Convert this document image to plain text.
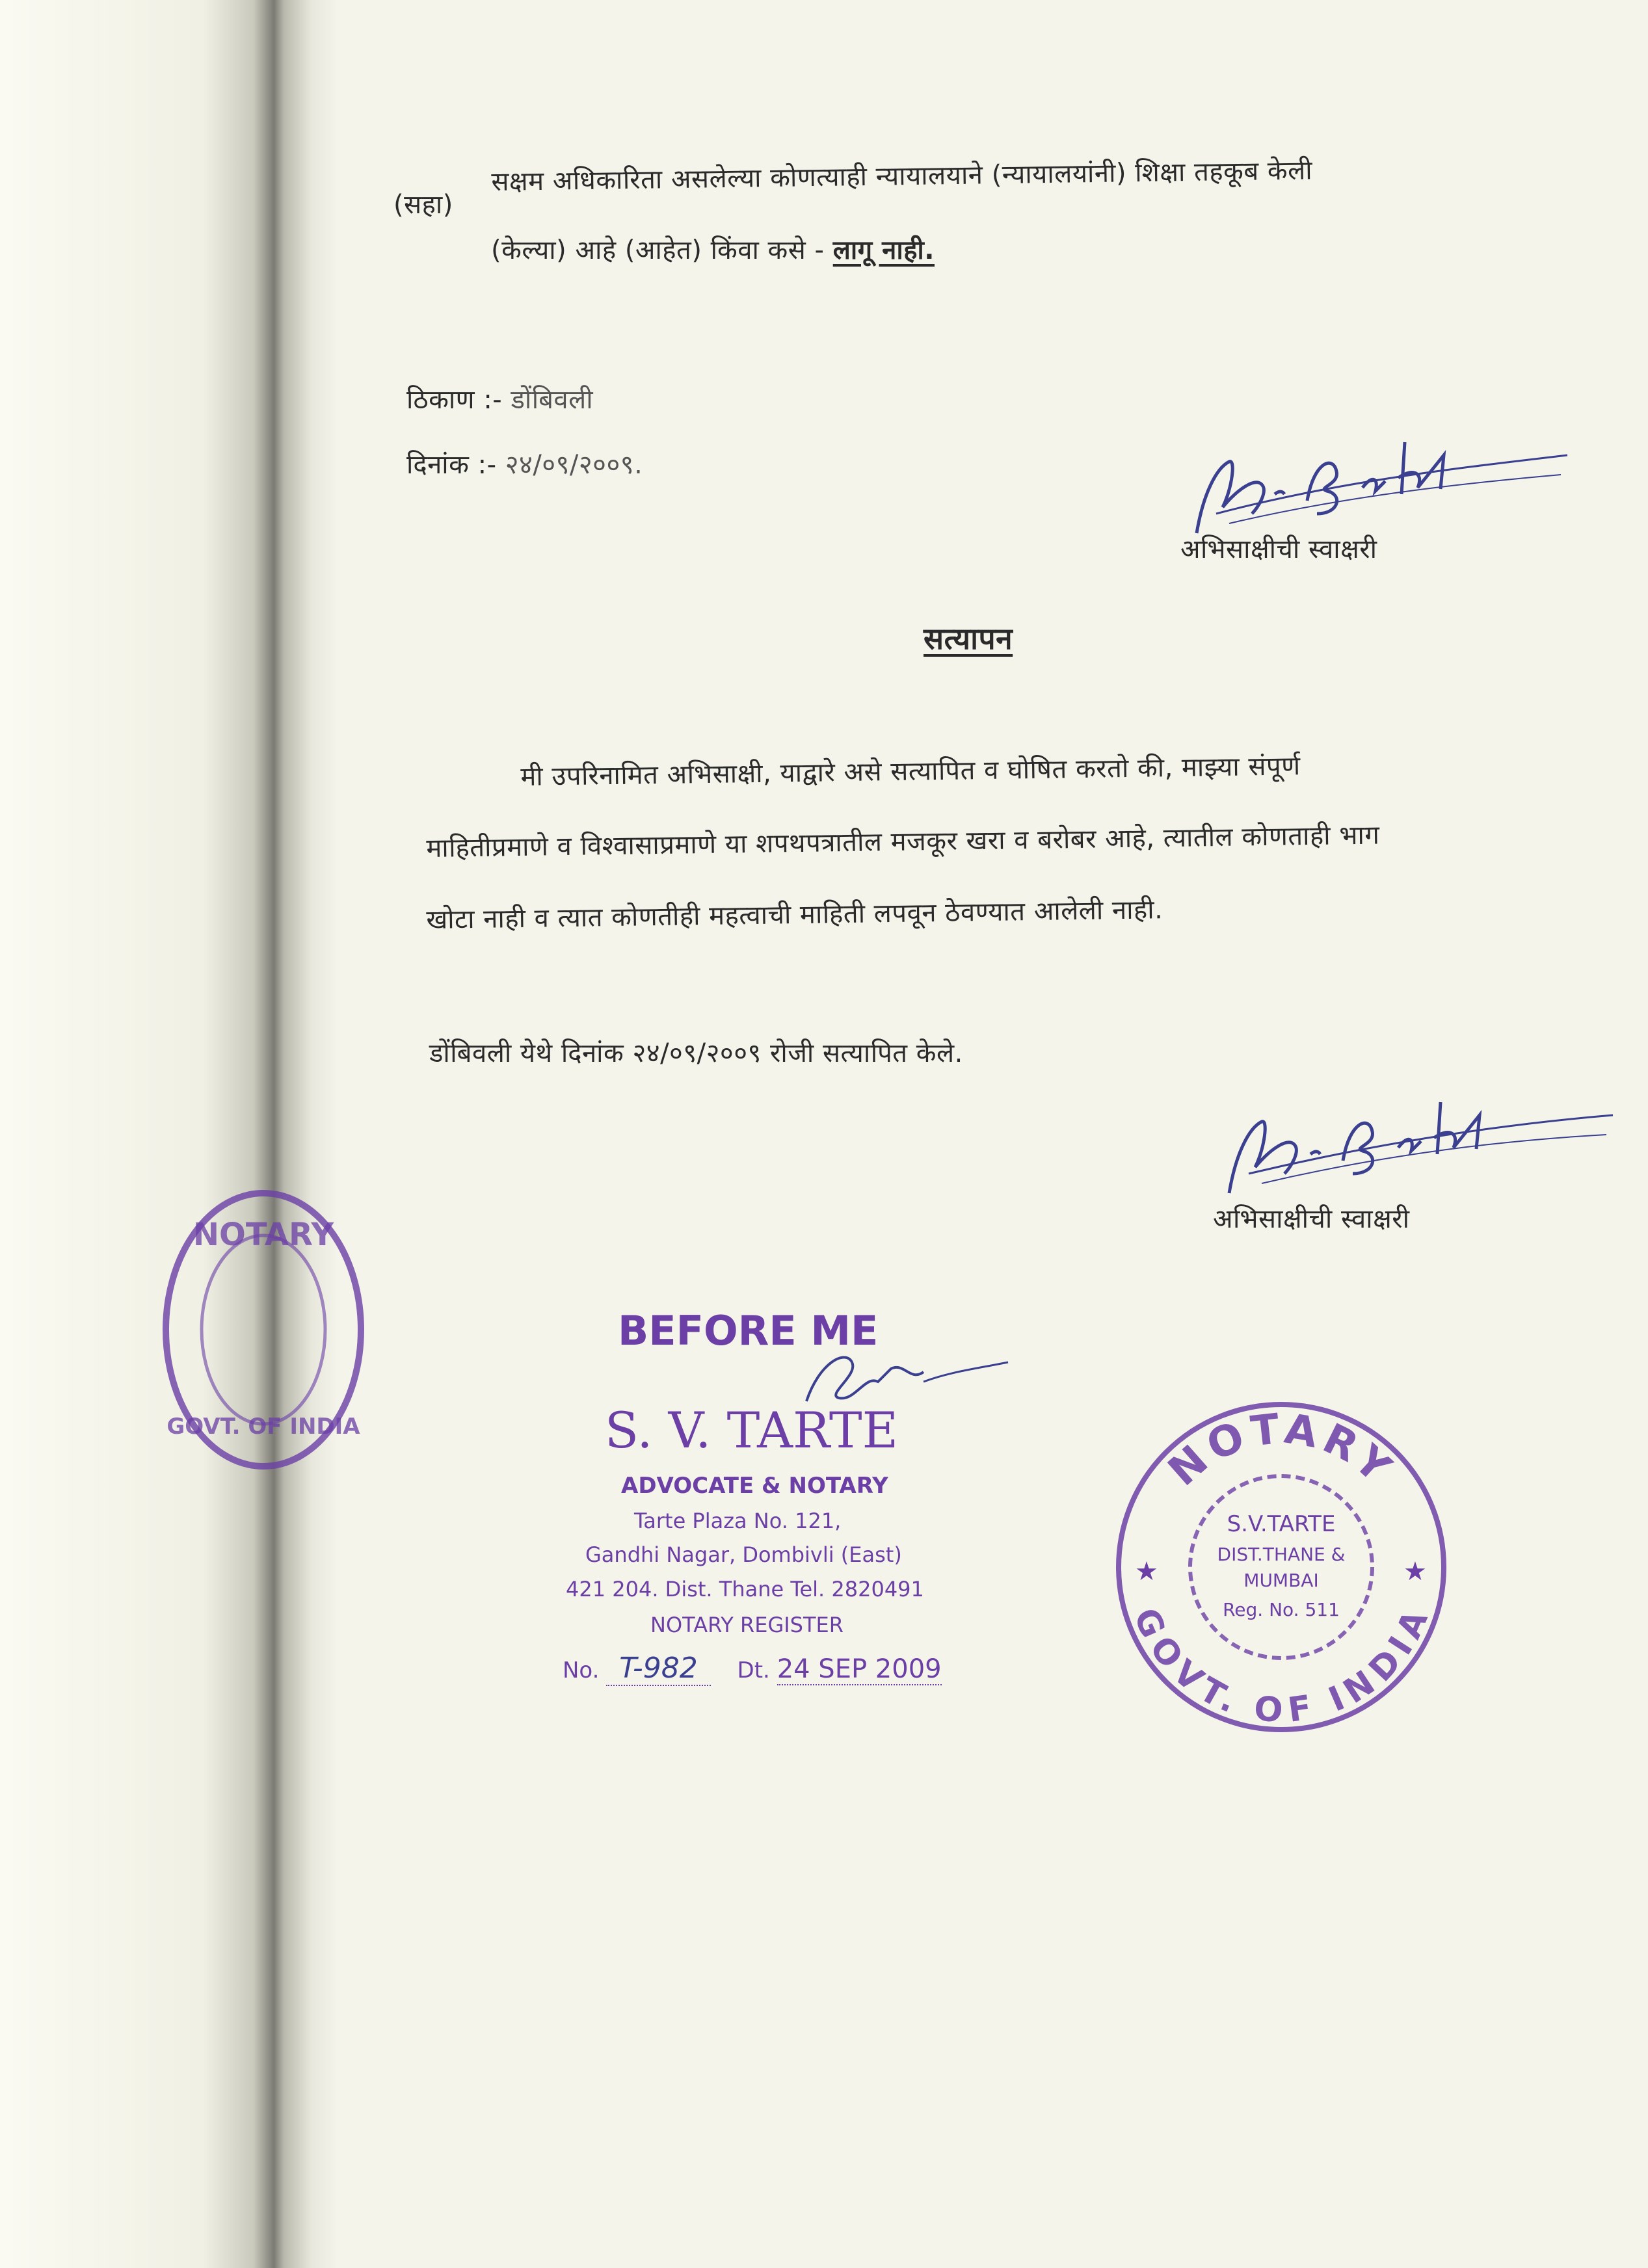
(सहा)
सक्षम अधिकारिता असलेल्या कोणत्याही न्यायालयाने (न्यायालयांनी) शिक्षा तहकूब केली
(केल्या) आहे (आहेत) किंवा कसे - लागू नाही.
ठिकाण :- डोंबिवली
दिनांक :- २४/०९/२००९.
अभिसाक्षीची स्वाक्षरी
सत्यापन
मी उपरिनामित अभिसाक्षी, याद्वारे असे सत्यापित व घोषित करतो की, माझ्या संपूर्ण
माहितीप्रमाणे व विश्वासाप्रमाणे या शपथपत्रातील मजकूर खरा व बरोबर आहे, त्यातील कोणताही भाग
खोटा नाही व त्यात कोणतीही महत्वाची माहिती लपवून ठेवण्यात आलेली नाही.
डोंबिवली येथे दिनांक २४/०९/२००९ रोजी सत्यापित केले.
अभिसाक्षीची स्वाक्षरी
NOTARY
GOVT. OF INDIA
BEFORE ME
S. V. TARTE
ADVOCATE & NOTARY
Tarte Plaza No. 121,
Gandhi Nagar, Dombivli (East)
421 204. Dist. Thane Tel. 2820491
NOTARY REGISTER
No. T-982 Dt. 24 SEP 2009
NOTARY
GOVT. OF INDIA
★	★
S.V.TARTE
DIST.THANE &
MUMBAI
Reg. No. 511
